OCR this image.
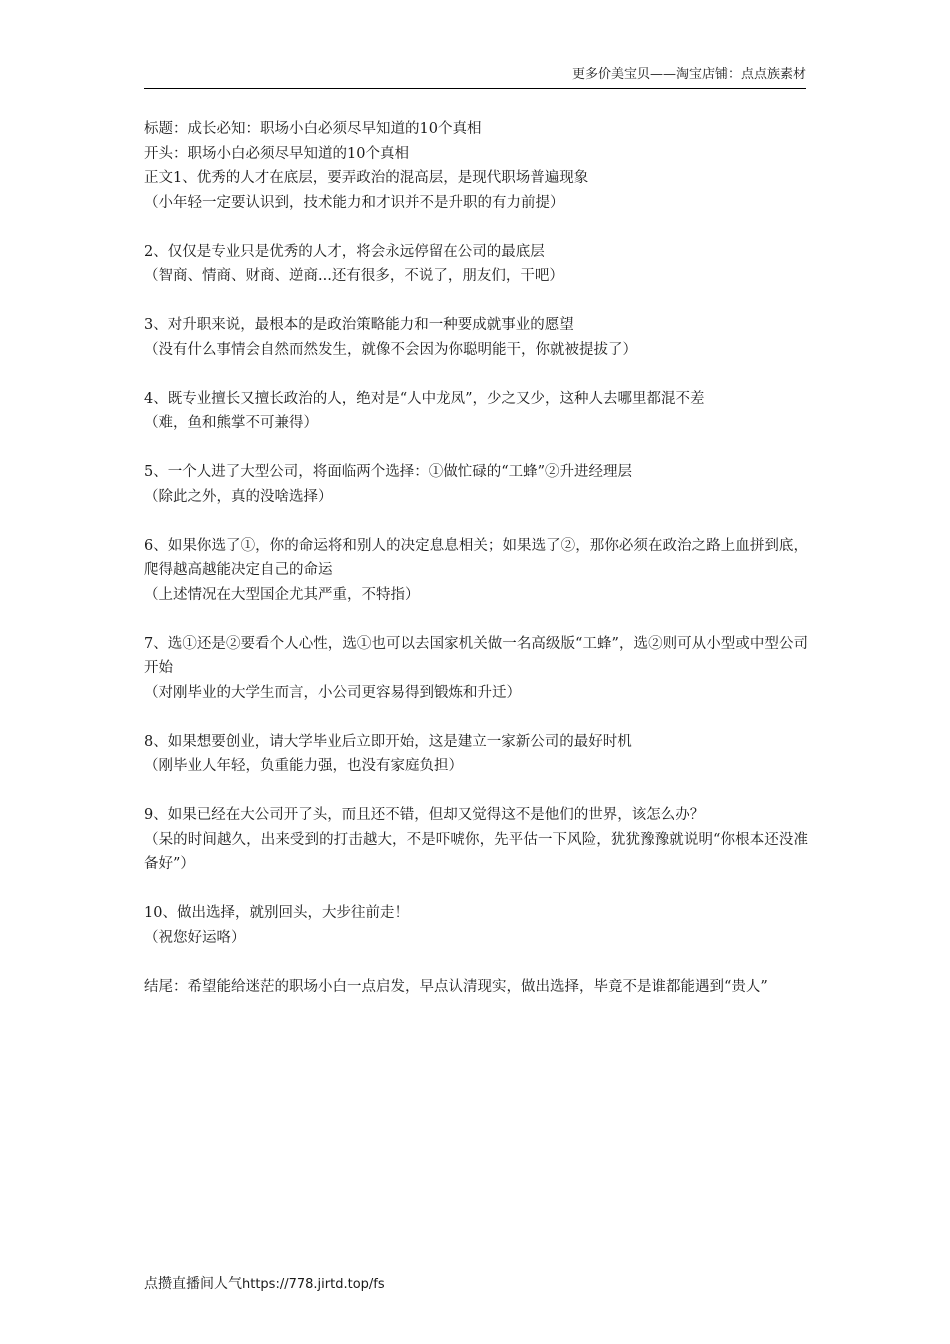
更多价美宝贝——淘宝店铺：点点族素材
标题：成长必知：职场小白必须尽早知道的10个真相
开头：职场小白必须尽早知道的10个真相
正文1、优秀的人才在底层，要弄政治的混高层，是现代职场普遍现象
（小年轻一定要认识到，技术能力和才识并不是升职的有力前提）
2、仅仅是专业只是优秀的人才，将会永远停留在公司的最底层
（智商、情商、财商、逆商...还有很多，不说了，朋友们，干吧）
3、对升职来说，最根本的是政治策略能力和一种要成就事业的愿望
（没有什么事情会自然而然发生，就像不会因为你聪明能干，你就被提拔了）
4、既专业擅长又擅长政治的人，绝对是“人中龙凤”，少之又少，这种人去哪里都混不差
（难，鱼和熊掌不可兼得）
5、一个人进了大型公司，将面临两个选择：①做忙碌的“工蜂”②升进经理层
（除此之外，真的没啥选择）
6、如果你选了①，你的命运将和别人的决定息息相关；如果选了②，那你必须在政治之路上血拼到底，爬得越高越能决定自己的命运
（上述情况在大型国企尤其严重，不特指）
7、选①还是②要看个人心性，选①也可以去国家机关做一名高级版“工蜂”，选②则可从小型或中型公司开始
（对刚毕业的大学生而言，小公司更容易得到锻炼和升迁）
8、如果想要创业，请大学毕业后立即开始，这是建立一家新公司的最好时机
（刚毕业人年轻，负重能力强，也没有家庭负担）
9、如果已经在大公司开了头，而且还不错，但却又觉得这不是他们的世界，该怎么办？
（呆的时间越久，出来受到的打击越大，不是吓唬你，先平估一下风险，犹犹豫豫就说明“你根本还没准备好”）
10、做出选择，就别回头，大步往前走！
（祝您好运咯）
结尾：希望能给迷茫的职场小白一点启发，早点认清现实，做出选择，毕竟不是谁都能遇到“贵人”
点攒直播间人气https://778.jirtd.top/fs
